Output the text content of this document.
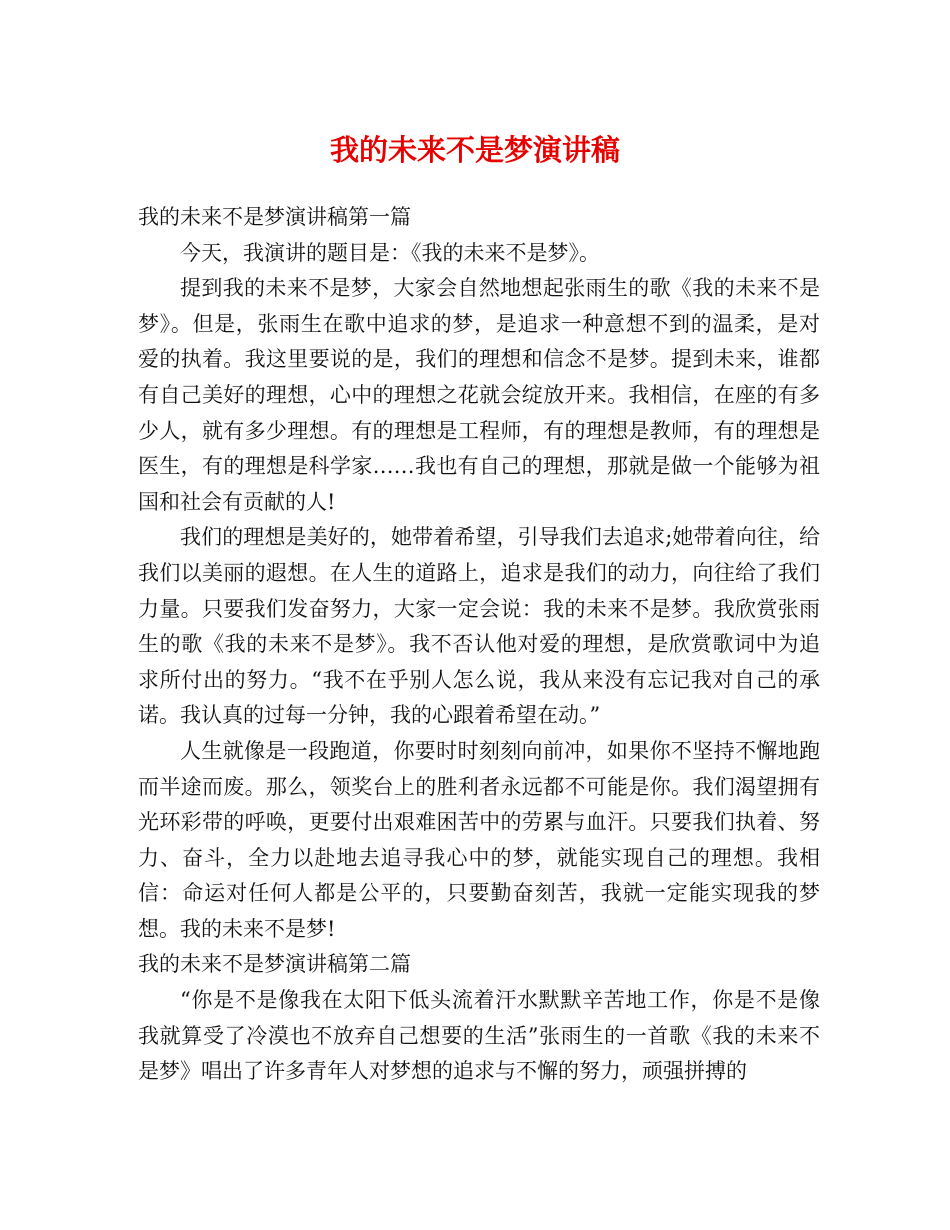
我的未来不是梦演讲稿

我的未来不是梦演讲稿第一篇

今天，我演讲的题目是：《我的未来不是梦》。

提到我的未来不是梦，大家会自然地想起张雨生的歌《我的未来不是梦》。但是，张雨生在歌中追求的梦，是追求一种意想不到的温柔，是对爱的执着。我这里要说的是，我们的理想和信念不是梦。提到未来，谁都有自己美好的理想，心中的理想之花就会绽放开来。我相信，在座的有多少人，就有多少理想。有的理想是工程师，有的理想是教师，有的理想是医生，有的理想是科学家……我也有自己的理想，那就是做一个能够为祖国和社会有贡献的人!

我们的理想是美好的，她带着希望，引导我们去追求;她带着向往，给我们以美丽的遐想。在人生的道路上，追求是我们的动力，向往给了我们力量。只要我们发奋努力，大家一定会说：我的未来不是梦。我欣赏张雨生的歌《我的未来不是梦》。我不否认他对爱的理想，是欣赏歌词中为追求所付出的努力。“我不在乎别人怎么说，我从来没有忘记我对自己的承诺。我认真的过每一分钟，我的心跟着希望在动。”

人生就像是一段跑道，你要时时刻刻向前冲，如果你不坚持不懈地跑而半途而废。那么，领奖台上的胜利者永远都不可能是你。我们渴望拥有光环彩带的呼唤，更要付出艰难困苦中的劳累与血汗。只要我们执着、努力、奋斗，全力以赴地去追寻我心中的梦，就能实现自己的理想。我相信：命运对任何人都是公平的，只要勤奋刻苦，我就一定能实现我的梦想。我的未来不是梦!

我的未来不是梦演讲稿第二篇

“你是不是像我在太阳下低头流着汗水默默辛苦地工作，你是不是像我就算受了冷漠也不放弃自己想要的生活”张雨生的一首歌《我的未来不是梦》唱出了许多青年人对梦想的追求与不懈的努力，顽强拼搏的
